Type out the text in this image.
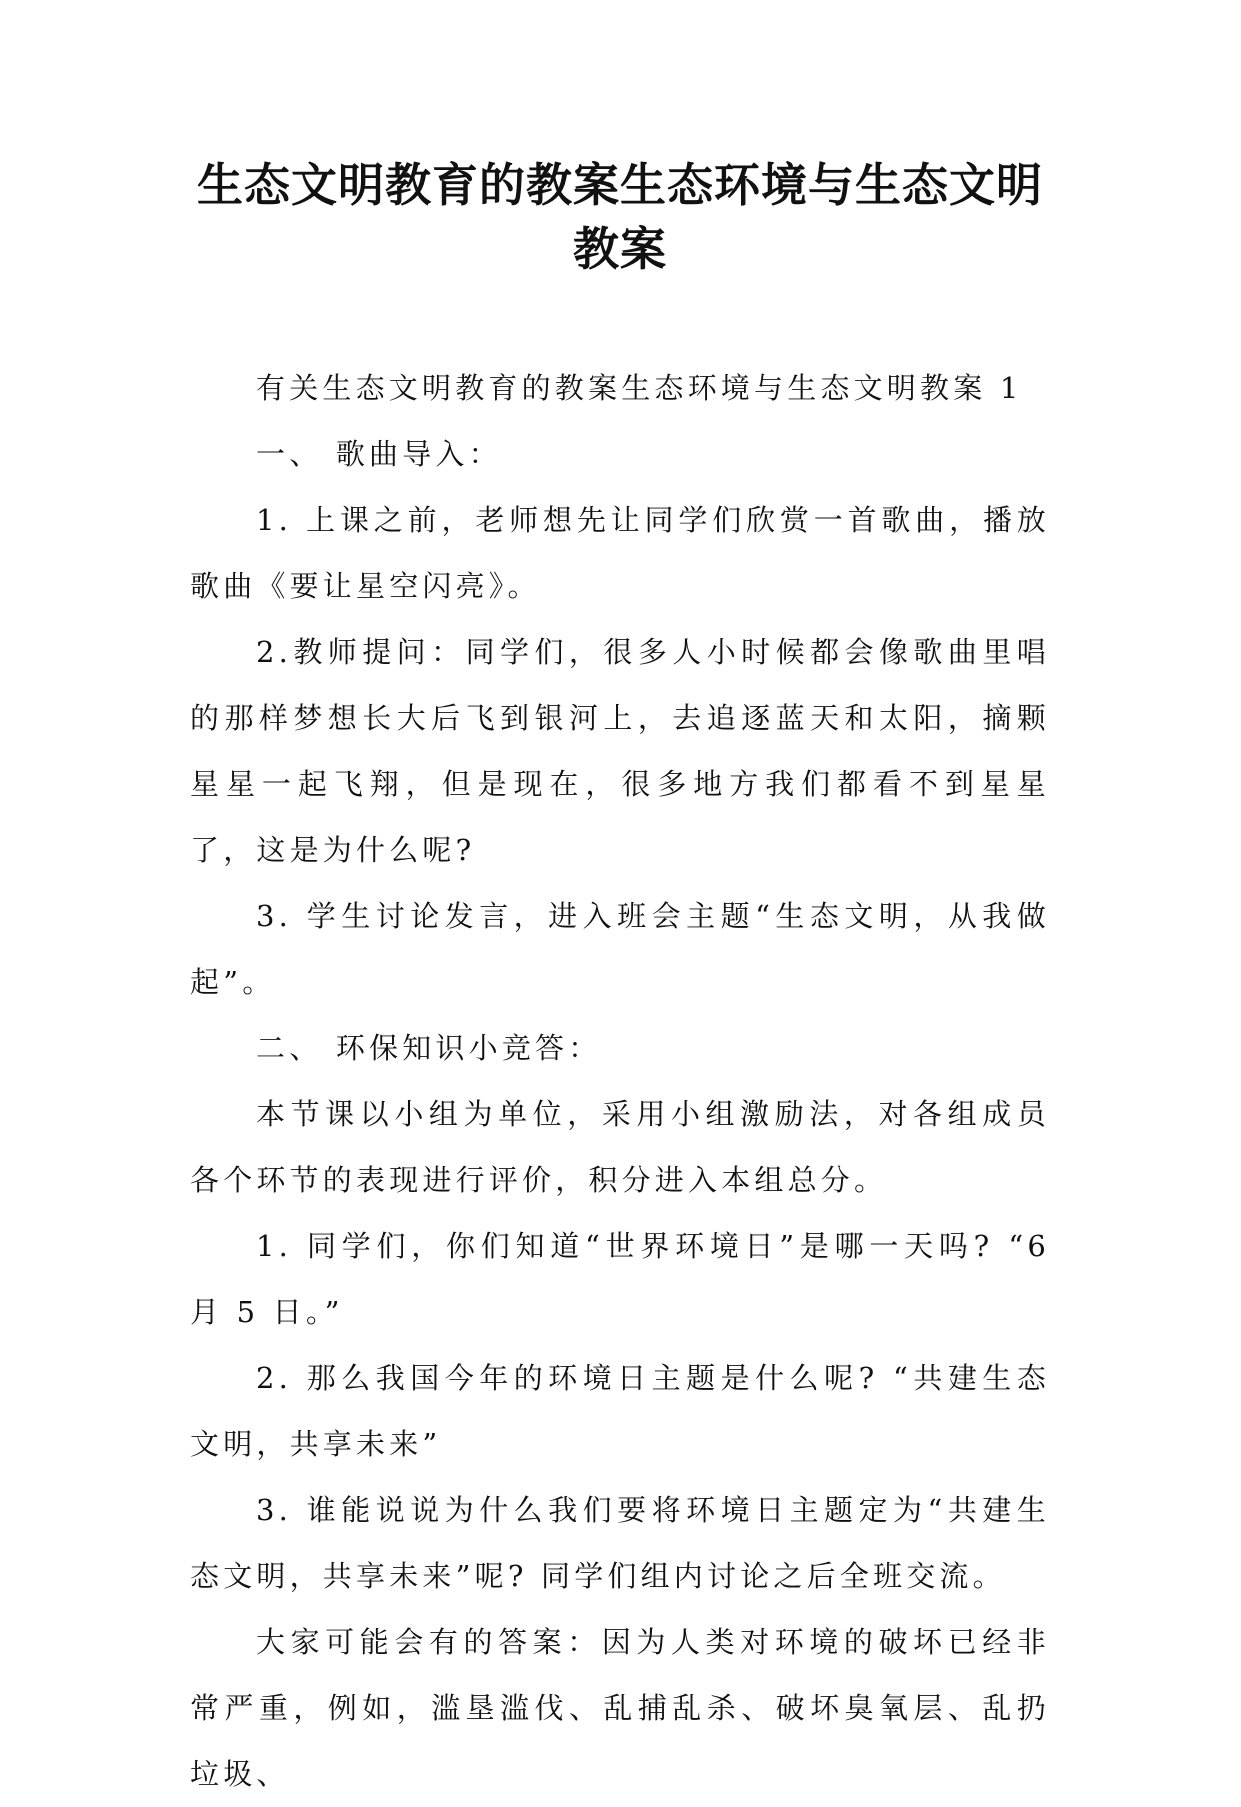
生态文明教育的教案生态环境与生态文明
教案

有关生态文明教育的教案生态环境与生态文明教案 1

一、 歌曲导入：

1. 上课之前，老师想先让同学们欣赏一首歌曲，播放歌曲《要让星空闪亮》。

2.教师提问：同学们，很多人小时候都会像歌曲里唱的那样梦想长大后飞到银河上，去追逐蓝天和太阳，摘颗星星一起飞翔，但是现在，很多地方我们都看不到星星了，这是为什么呢?

3. 学生讨论发言，进入班会主题“生态文明，从我做起”。

二、 环保知识小竞答：

本节课以小组为单位，采用小组激励法，对各组成员各个环节的表现进行评价，积分进入本组总分。

1. 同学们，你们知道“世界环境日”是哪一天吗? “6 月 5 日。”

2. 那么我国今年的环境日主题是什么呢? “共建生态文明，共享未来”

3. 谁能说说为什么我们要将环境日主题定为“共建生态文明，共享未来”呢? 同学们组内讨论之后全班交流。

大家可能会有的答案：因为人类对环境的破坏已经非常严重，例如，滥垦滥伐、乱捕乱杀、破坏臭氧层、乱扔垃圾、
